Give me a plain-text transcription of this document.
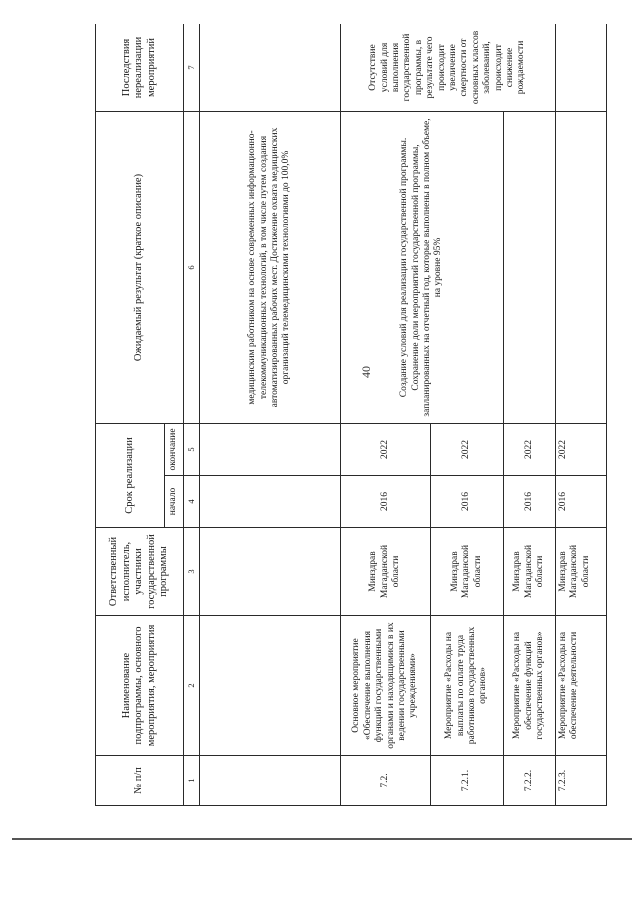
40
№ п/п	Наименование подпрограммы, основного мероприятия, мероприятия	Ответственный исполнитель, участники государственной программы	Срок реализации		Ожидаемый результат (краткое описание)	Последствия нереализации мероприятий
			начало	окончание		
1	2	3	4	5	6	7
					медицинским работником на основе современных информационно-телекоммуникационных технологий, в том числе путем создания автоматизированных рабочих мест. Достижение охвата медицинских организаций телемедицинскими технологиями до 100,0%	
7.2.	Основное мероприятие «Обеспечение выполнения функций государственными органами и находящимися в их ведении государственными учреждениями»	Минздрав Магаданской области	2016	2022	Создание условий для реализации государственной программы. Сохранение доли мероприятий государственной программы, запланированных на отчетный год, которые выполнены в полном объеме, на уровне 95%	Отсутствие условий для выполнения государственной программы, в результате чего происходит увеличение смертности от основных классов заболеваний, происходит снижение рождаемости
7.2.1.	Мероприятие «Расходы на выплаты по оплате труда работников государственных органов»	Минздрав Магаданской области	2016	2022		
7.2.2.	Мероприятие «Расходы на обеспечение функций государственных органов»	Минздрав Магаданской области	2016	2022		
7.2.3.	Мероприятие «Расходы на обеспечение деятельности	Минздрав Магаданской области	2016	2022		
